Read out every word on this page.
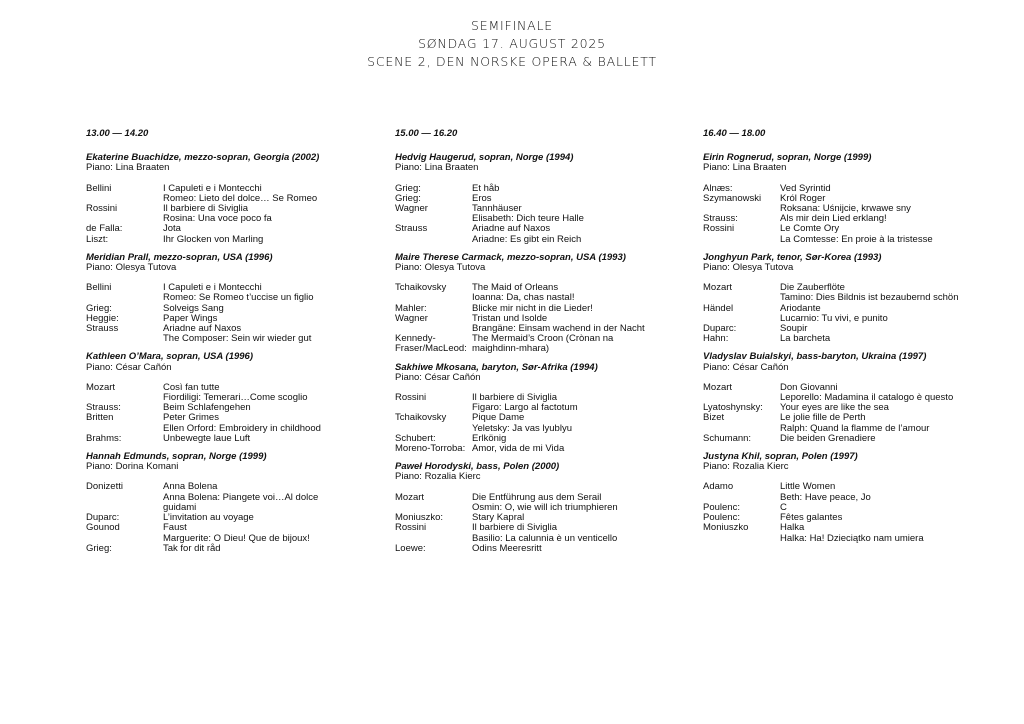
SEMIFINALE
SØNDAG 17. AUGUST 2025
SCENE 2, DEN NORSKE OPERA & BALLETT
13.00 — 14.20
Ekaterine Buachidze, mezzo-sopran, Georgia (2002)
Piano: Lina Braaten
Bellini	I Capuleti e i Montecchi
Romeo: Lieto del dolce… Se Romeo
Rossini	Il barbiere di Siviglia
Rosina: Una voce poco fa
de Falla:	Jota
Liszt:	Ihr Glocken von Marling
Meridian Prall, mezzo-sopran, USA (1996)
Piano: Olesya Tutova
Bellini	I Capuleti e i Montecchi
Romeo: Se Romeo t’uccise un figlio
Grieg:	Solveigs Sang
Heggie:	Paper Wings
Strauss	Ariadne auf Naxos
The Composer: Sein wir wieder gut
Kathleen O’Mara, sopran, USA (1996)
Piano: César Cañón
Mozart	Così fan tutte
Fiordiligi: Temerari…Come scoglio
Strauss:	Beim Schlafengehen
Britten	Peter Grimes
Ellen Orford: Embroidery in childhood
Brahms:	Unbewegte laue Luft
Hannah Edmunds, sopran, Norge (1999)
Piano: Dorina Komani
Donizetti	Anna Bolena
Anna Bolena: Piangete voi…Al dolce guidami
Duparc:	L’invitation au voyage
Gounod	Faust
Marguerite: O Dieu! Que de bijoux!
Grieg:	Tak for dit råd
15.00 — 16.20
Hedvig Haugerud, sopran, Norge (1994)
Piano: Lina Braaten
Grieg:	Et håb
Grieg:	Eros
Wagner	Tannhäuser
Elisabeth: Dich teure Halle
Strauss	Ariadne auf Naxos
Ariadne: Es gibt ein Reich
Maire Therese Carmack, mezzo-sopran, USA (1993)
Piano: Olesya Tutova
Tchaikovsky	The Maid of Orleans
Ioanna: Da, chas nastal!
Mahler:	Blicke mir nicht in die Lieder!
Wagner	Tristan und Isolde
Brangäne: Einsam wachend in der Nacht
Kennedy-Fraser/MacLeod:
The Mermaid’s Croon (Crònan na maighdinn-mhara)
Sakhiwe Mkosana, baryton, Sør-Afrika (1994)
Piano: César Cañón
Rossini	Il barbiere di Siviglia
Figaro: Largo al factotum
Tchaikovsky	Pique Dame
Yeletsky: Ja vas lyublyu
Schubert:	Erlkönig
Moreno-Torroba: Amor, vida de mi Vida
Paweł Horodyski, bass, Polen (2000)
Piano: Rozalia Kierc
Mozart	Die Entführung aus dem Serail
Osmin: O, wie will ich triumphieren
Moniuszko:	Stary Kapral
Rossini	Il barbiere di Siviglia
Basilio: La calunnia è un venticello
Loewe:	Odins Meeresritt
16.40 — 18.00
Eirin Rognerud, sopran, Norge (1999)
Piano: Lina Braaten
Alnæs:	Ved Syrintid
Szymanowski	Król Roger
Roksana: Uśnijcie, krwawe sny
Strauss:	Als mir dein Lied erklang!
Rossini	Le Comte Ory
La Comtesse: En proie à la tristesse
Jonghyun Park, tenor, Sør-Korea (1993)
Piano: Olesya Tutova
Mozart	Die Zauberflöte
Tamino: Dies Bildnis ist bezaubernd schön
Händel	Ariodante
Lucarnio: Tu vivi, e punito
Duparc:	Soupir
Hahn:	La barcheta
Vladyslav Buialskyi, bass-baryton, Ukraina (1997)
Piano: César Cañón
Mozart	Don Giovanni
Leporello: Madamina il catalogo è questo
Lyatoshynsky:	Your eyes are like the sea
Bizet	Le jolie fille de Perth
Ralph: Quand la flamme de l’amour
Schumann:	Die beiden Grenadiere
Justyna Khil, sopran, Polen (1997)
Piano: Rozalia Kierc
Adamo	Little Women
Beth: Have peace, Jo
Poulenc:	C
Poulenc:	Fêtes galantes
Moniuszko	Halka
Halka: Ha! Dzieciątko nam umiera
